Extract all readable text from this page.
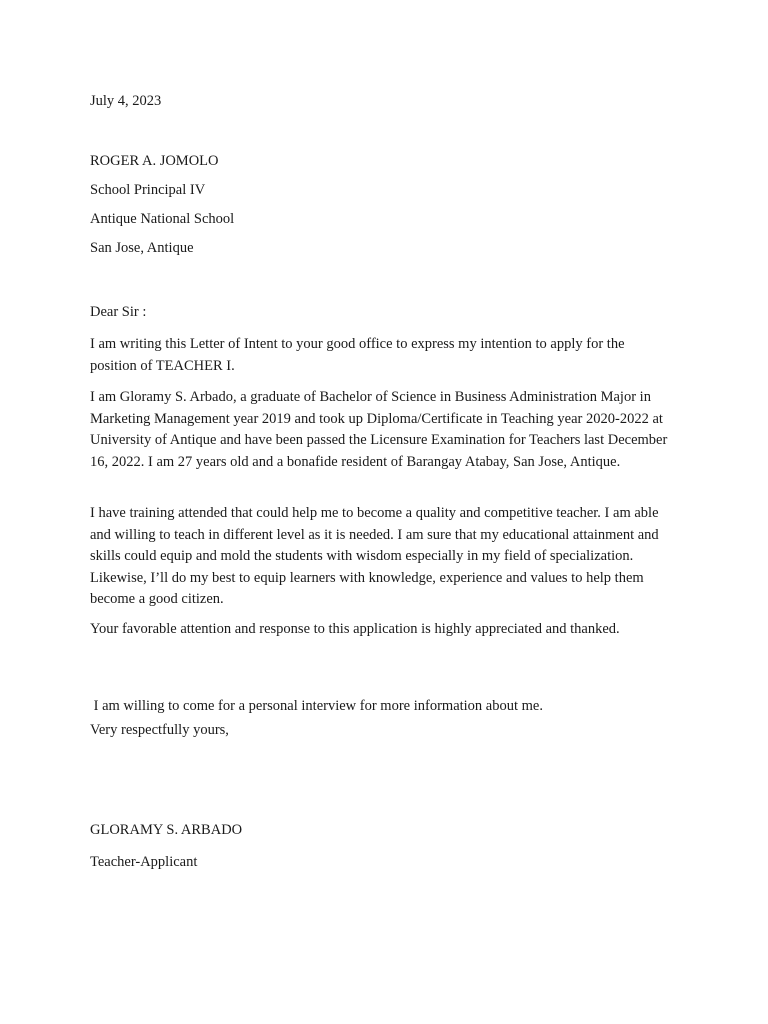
July 4, 2023
ROGER A. JOMOLO
School Principal IV
Antique National School
San Jose, Antique
Dear Sir :

I am writing this Letter of Intent to your good office to express my intention to apply for the position of TEACHER I.

I am Gloramy S. Arbado, a graduate of Bachelor of Science in Business Administration Major in Marketing Management year 2019 and took up Diploma/Certificate in Teaching year 2020-2022 at University of Antique and have been passed the Licensure Examination for Teachers last December 16, 2022. I am 27 years old and a bonafide resident of Barangay Atabay, San Jose, Antique.

I have training attended that could help me to become a quality and competitive teacher. I am able and willing to teach in different level as it is needed. I am sure that my educational attainment and skills could equip and mold the students with wisdom especially in my field of specialization. Likewise, I’ll do my best to equip learners with knowledge, experience and values to help them become a good citizen.

Your favorable attention and response to this application is highly appreciated and thanked.

I am willing to come for a personal interview for more information about me.

Very respectfully yours,
GLORAMY S. ARBADO
Teacher-Applicant
